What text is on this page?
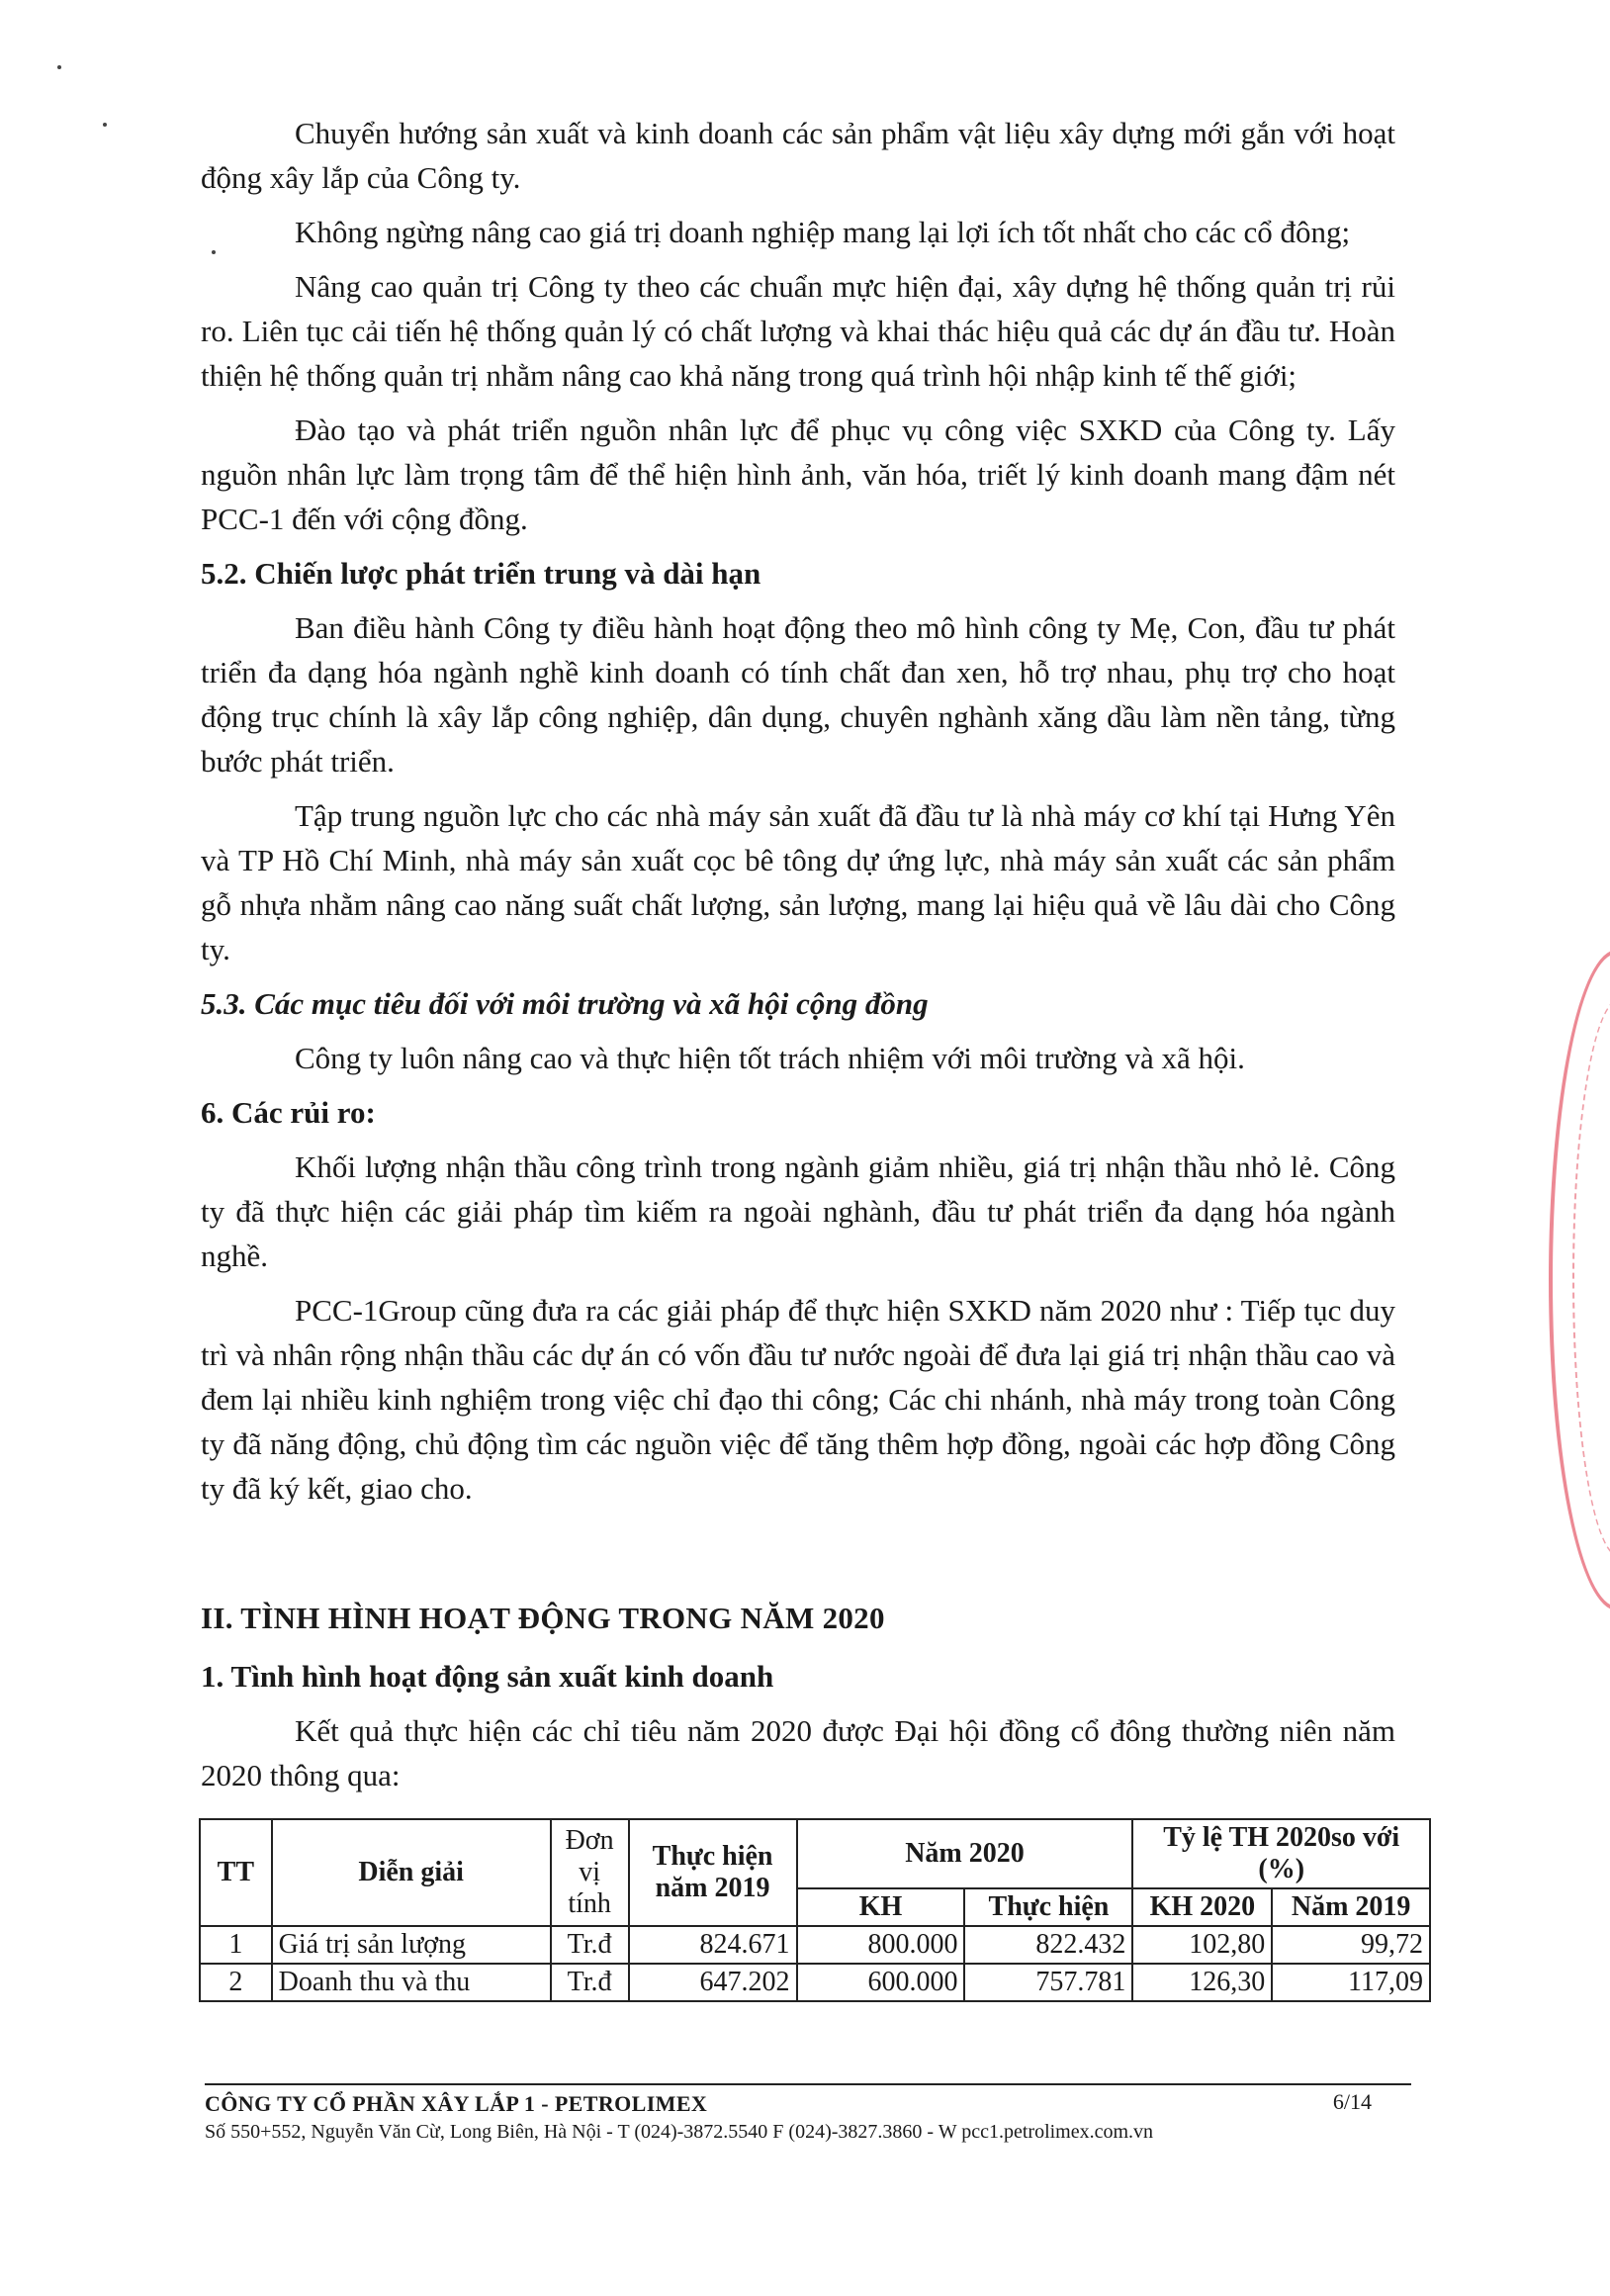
Chuyển hướng sản xuất và kinh doanh các sản phẩm vật liệu xây dựng mới gắn với hoạt động xây lắp của Công ty.

Không ngừng nâng cao giá trị doanh nghiệp mang lại lợi ích tốt nhất cho các cổ đông;

Nâng cao quản trị Công ty theo các chuẩn mực hiện đại, xây dựng hệ thống quản trị rủi ro. Liên tục cải tiến hệ thống quản lý có chất lượng và khai thác hiệu quả các dự án đầu tư. Hoàn thiện hệ thống quản trị nhằm nâng cao khả năng trong quá trình hội nhập kinh tế thế giới;

Đào tạo và phát triển nguồn nhân lực để phục vụ công việc SXKD của Công ty. Lấy nguồn nhân lực làm trọng tâm để thể hiện hình ảnh, văn hóa, triết lý kinh doanh mang đậm nét PCC-1 đến với cộng đồng.

5.2. Chiến lược phát triển trung và dài hạn

Ban điều hành Công ty điều hành hoạt động theo mô hình công ty Mẹ, Con, đầu tư phát triển đa dạng hóa ngành nghề kinh doanh có tính chất đan xen, hỗ trợ nhau, phụ trợ cho hoạt động trục chính là xây lắp công nghiệp, dân dụng, chuyên nghành xăng dầu làm nền tảng, từng bước phát triển.

Tập trung nguồn lực cho các nhà máy sản xuất đã đầu tư là nhà máy cơ khí tại Hưng Yên và TP Hồ Chí Minh, nhà máy sản xuất cọc bê tông dự ứng lực, nhà máy sản xuất các sản phẩm gỗ nhựa nhằm nâng cao năng suất chất lượng, sản lượng, mang lại hiệu quả về lâu dài cho Công ty.

5.3. Các mục tiêu đối với môi trường và xã hội cộng đồng

Công ty luôn nâng cao và thực hiện tốt trách nhiệm với môi trường và xã hội.

6. Các rủi ro:

Khối lượng nhận thầu công trình trong ngành giảm nhiều, giá trị nhận thầu nhỏ lẻ. Công ty đã thực hiện các giải pháp tìm kiếm ra ngoài nghành, đầu tư phát triển đa dạng hóa ngành nghề.

PCC-1Group cũng đưa ra các giải pháp để thực hiện SXKD năm 2020 như : Tiếp tục duy trì và nhân rộng nhận thầu các dự án có vốn đầu tư nước ngoài để đưa lại giá trị nhận thầu cao và đem lại nhiều kinh nghiệm trong việc chỉ đạo thi công; Các chi nhánh, nhà máy trong toàn Công ty đã năng động, chủ động tìm các nguồn việc để tăng thêm hợp đồng, ngoài các hợp đồng Công ty đã ký kết, giao cho.

II. TÌNH HÌNH HOẠT ĐỘNG TRONG NĂM 2020
1. Tình hình hoạt động sản xuất kinh doanh

Kết quả thực hiện các chỉ tiêu năm 2020 được Đại hội đồng cổ đông thường niên năm 2020 thông qua:

TT	Diễn giải	Đơn vị tính	Thực hiện năm 2019	Năm 2020		Tỷ lệ TH 2020so với (%)	
				KH	Thực hiện	KH 2020	Năm 2019
1	Giá trị sản lượng	Tr.đ	824.671	800.000	822.432	102,80	99,72
2	Doanh thu và thu	Tr.đ	647.202	600.000	757.781	126,30	117,09
CÔNG TY CỔ PHẦN XÂY LẮP 1 - PETROLIMEX	6/14
Số 550+552, Nguyễn Văn Cừ, Long Biên, Hà Nội - T (024)-3872.5540 F (024)-3827.3860 - W pcc1.petrolimex.com.vn
